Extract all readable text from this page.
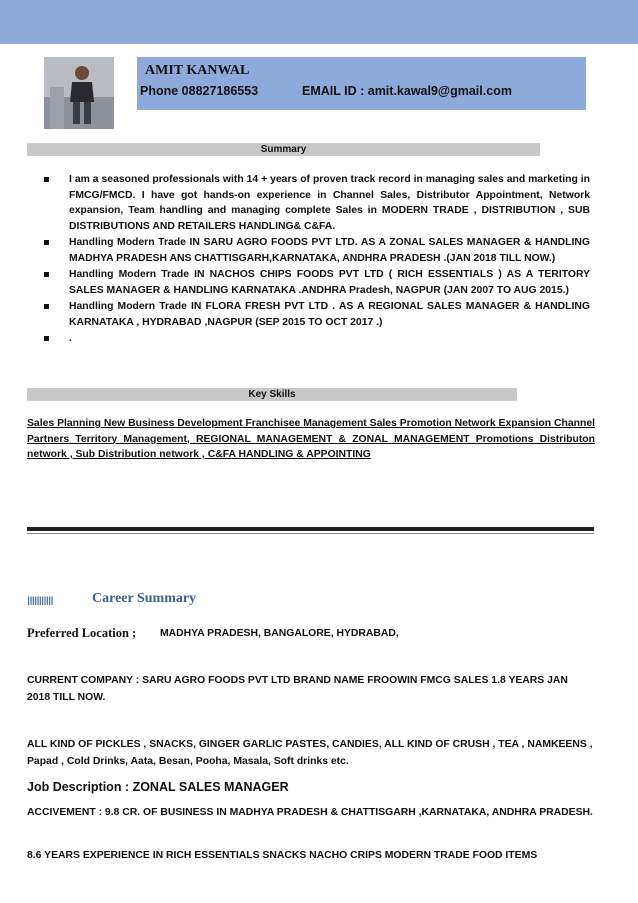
AMIT KANWAL
Phone 08827186553	EMAIL ID : amit.kawal9@gmail.com
Summary
I am a seasoned professionals with 14 + years of proven track record in managing sales and marketing in FMCG/FMCD. I have got hands-on experience in Channel Sales, Distributor Appointment, Network expansion, Team handling and managing complete Sales in MODERN TRADE , DISTRIBUTION , SUB DISTRIBUTIONS AND RETAILERS HANDLING& C&FA.
Handling Modern Trade IN SARU AGRO FOODS PVT LTD. AS A ZONAL SALES MANAGER & HANDLING MADHYA PRADESH ANS CHATTISGARH,KARNATAKA, ANDHRA PRADESH .(JAN 2018 TILL NOW.)
Handling Modern Trade IN NACHOS CHIPS FOODS PVT LTD ( RICH ESSENTIALS ) AS A TERITORY SALES MANAGER & HANDLING KARNATAKA .ANDHRA Pradesh, NAGPUR (JAN 2007 TO AUG 2015.)
Handling Modern Trade IN FLORA FRESH PVT LTD . AS A REGIONAL SALES MANAGER & HANDLING KARNATAKA , HYDRABAD ,NAGPUR (SEP 2015 TO OCT 2017 .)
.
Key Skills
Sales Planning New Business Development Franchisee Management Sales Promotion Network Expansion Channel Partners Territory Management, REGIONAL MANAGEMENT & ZONAL MANAGEMENT Promotions Distributon network , Sub Distribution network , C&FA HANDLING & APPOINTING
IIIIIIIIIII	Career Summary
Preferred Location ; MADHYA PRADESH, BANGALORE, HYDRABAD,
CURRENT COMPANY : SARU AGRO FOODS PVT LTD BRAND NAME FROOWIN FMCG SALES 1.8 YEARS JAN 2018 TILL NOW.
ALL KIND OF PICKLES , SNACKS, GINGER GARLIC PASTES, CANDIES, ALL KIND OF CRUSH , TEA , NAMKEENS , Papad , Cold Drinks, Aata, Besan, Pooha, Masala, Soft drinks etc.
Job Description : ZONAL SALES MANAGER
ACCIVEMENT : 9.8 CR. OF BUSINESS IN MADHYA PRADESH & CHATTISGARH ,KARNATAKA, ANDHRA PRADESH.
8.6 YEARS EXPERIENCE IN RICH ESSENTIALS SNACKS NACHO CRIPS MODERN TRADE FOOD ITEMS
